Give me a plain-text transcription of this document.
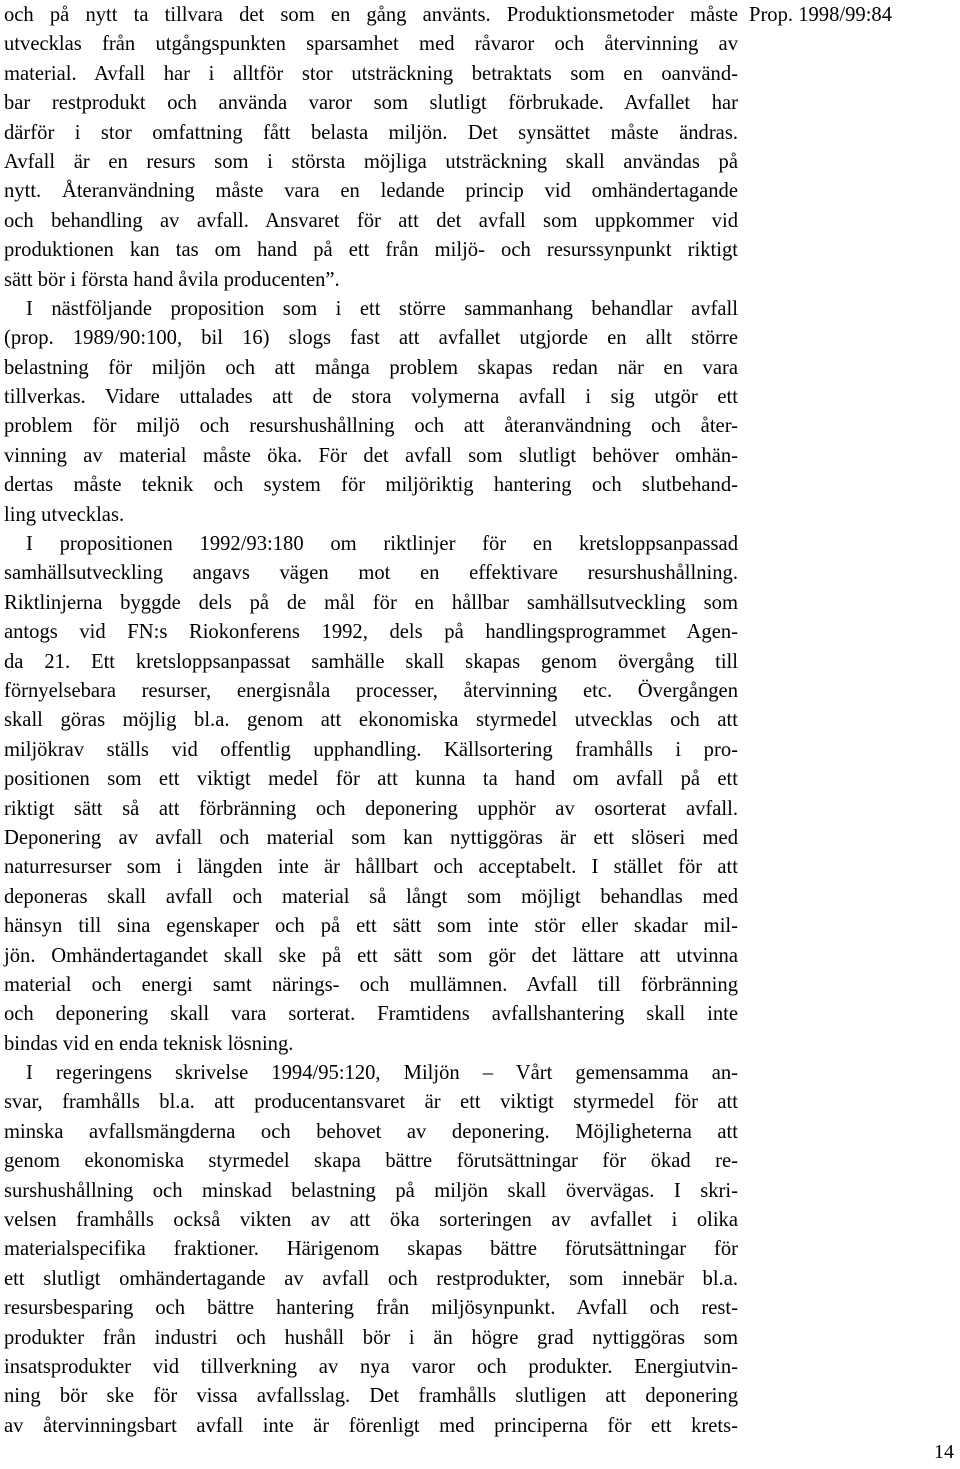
och på nytt ta tillvara det som en gång använts. Produktionsmetoder måste
utvecklas från utgångspunkten sparsamhet med råvaror och återvinning av
material. Avfall har i alltför stor utsträckning betraktats som en oanvänd-
bar restprodukt och använda varor som slutligt förbrukade. Avfallet har
därför i stor omfattning fått belasta miljön. Det synsättet måste ändras.
Avfall är en resurs som i största möjliga utsträckning skall användas på
nytt. Återanvändning måste vara en ledande princip vid omhändertagande
och behandling av avfall. Ansvaret för att det avfall som uppkommer vid
produktionen kan tas om hand på ett från miljö- och resurssynpunkt riktigt
sätt bör i första hand åvila producenten”.
I nästföljande proposition som i ett större sammanhang behandlar avfall
(prop. 1989/90:100, bil 16) slogs fast att avfallet utgjorde en allt större
belastning för miljön och att många problem skapas redan när en vara
tillverkas. Vidare uttalades att de stora volymerna avfall i sig utgör ett
problem för miljö och resurshushållning och att återanvändning och åter-
vinning av material måste öka. För det avfall som slutligt behöver omhän-
dertas måste teknik och system för miljöriktig hantering och slutbehand-
ling utvecklas.
I propositionen 1992/93:180 om riktlinjer för en kretsloppsanpassad
samhällsutveckling angavs vägen mot en effektivare resurshushållning.
Riktlinjerna byggde dels på de mål för en hållbar samhällsutveckling som
antogs vid FN:s Riokonferens 1992, dels på handlingsprogrammet Agen-
da 21. Ett kretsloppsanpassat samhälle skall skapas genom övergång till
förnyelsebara resurser, energisnåla processer, återvinning etc. Övergången
skall göras möjlig bl.a. genom att ekonomiska styrmedel utvecklas och att
miljökrav ställs vid offentlig upphandling. Källsortering framhålls i pro-
positionen som ett viktigt medel för att kunna ta hand om avfall på ett
riktigt sätt så att förbränning och deponering upphör av osorterat avfall.
Deponering av avfall och material som kan nyttiggöras är ett slöseri med
naturresurser som i längden inte är hållbart och acceptabelt. I stället för att
deponeras skall avfall och material så långt som möjligt behandlas med
hänsyn till sina egenskaper och på ett sätt som inte stör eller skadar mil-
jön. Omhändertagandet skall ske på ett sätt som gör det lättare att utvinna
material och energi samt närings- och mullämnen. Avfall till förbränning
och deponering skall vara sorterat. Framtidens avfallshantering skall inte
bindas vid en enda teknisk lösning.
I regeringens skrivelse 1994/95:120, Miljön – Vårt gemensamma an-
svar, framhålls bl.a. att producentansvaret är ett viktigt styrmedel för att
minska avfallsmängderna och behovet av deponering. Möjligheterna att
genom ekonomiska styrmedel skapa bättre förutsättningar för ökad re-
surshushållning och minskad belastning på miljön skall övervägas. I skri-
velsen framhålls också vikten av att öka sorteringen av avfallet i olika
materialspecifika fraktioner. Härigenom skapas bättre förutsättningar för
ett slutligt omhändertagande av avfall och restprodukter, som innebär bl.a.
resursbesparing och bättre hantering från miljösynpunkt. Avfall och rest-
produkter från industri och hushåll bör i än högre grad nyttiggöras som
insatsprodukter vid tillverkning av nya varor och produkter. Energiutvin-
ning bör ske för vissa avfallsslag. Det framhålls slutligen att deponering
av återvinningsbart avfall inte är förenligt med principerna för ett krets-
Prop. 1998/99:84
14
